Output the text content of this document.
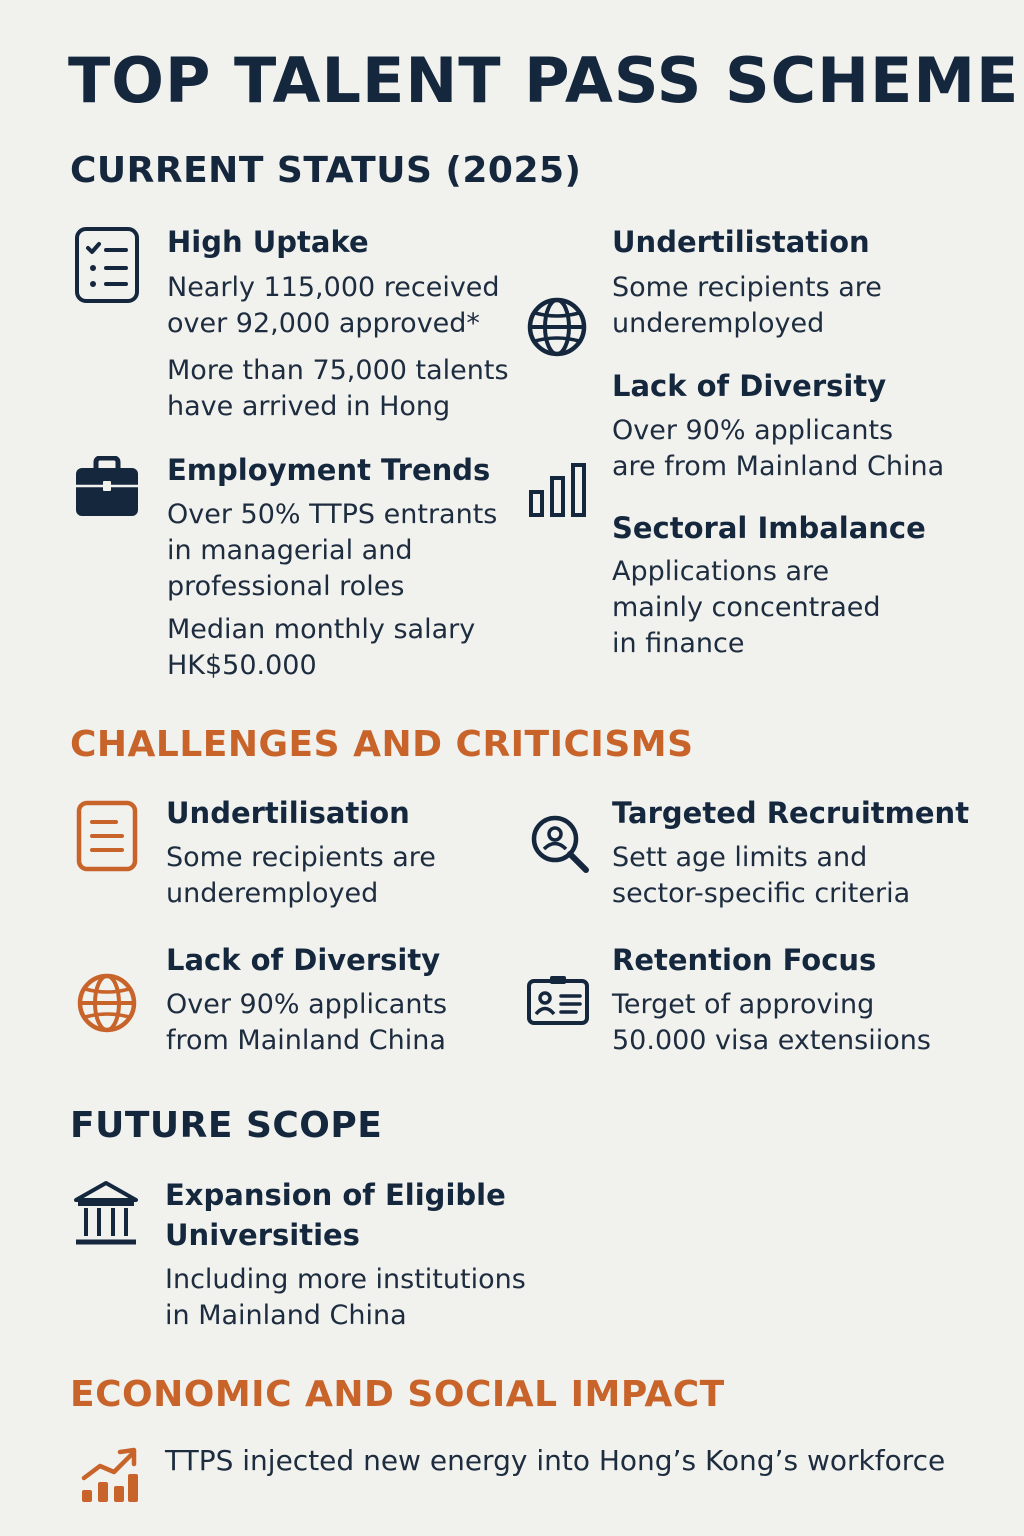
TOP TALENT PASS SCHEME
CURRENT STATUS (2025)
High Uptake

Nearly 115,000 received
over 92,000 approved*

More than 75,000 talents
have arrived in Hong

Employment Trends

Over 50% TTPS entrants
in managerial and
professional roles

Median monthly salary
HK$50.000

Undertilistation

Some recipients are
underemployed

Lack of Diversity

Over 90% applicants
are from Mainland China

Sectoral Imbalance

Applications are
mainly concentraed
in finance

CHALLENGES AND CRITICISMS
Undertilisation

Some recipients are
underemployed

Lack of Diversity

Over 90% applicants
from Mainland China

Targeted Recruitment

Sett age limits and
sector-specific criteria

Retention Focus

Terget of approving
50.000 visa extensiions

FUTURE SCOPE
Expansion of Eligible
Universities

Including more institutions
in Mainland China

ECONOMIC AND SOCIAL IMPACT

TTPS injected new energy into Hong’s Kong’s workforce
